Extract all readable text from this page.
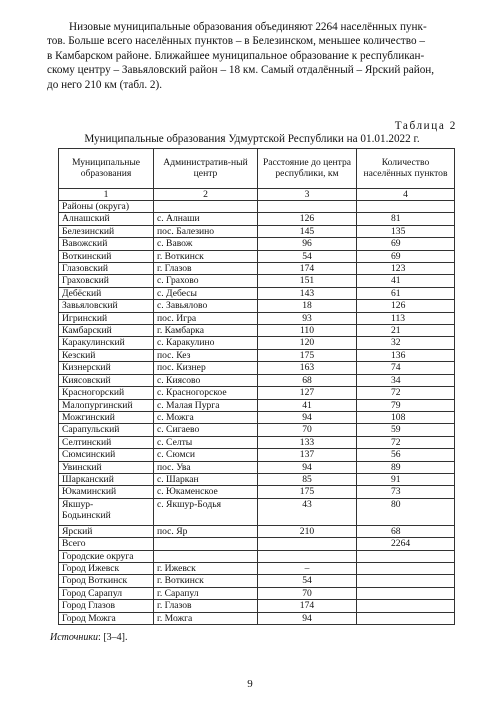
Низовые муниципальные образования объединяют 2264 населённых пунк-
тов. Больше всего населённых пунктов – в Белезинском, меньшее количество –
в Камбарском районе. Ближайшее муниципальное образование к республикан-
скому центру – Завьяловский район – 18 км. Самый отдалённый – Ярский район,
до него 210 км (табл. 2).
Таблица 2
Муниципальные образования Удмуртской Республики на 01.01.2022 г.
Муниципальные образования	Административ-ный центр	Расстояние до центра республики, км	Количество населённых пунктов
1	2	3	4
Районы (округа)			
Алнашский	с. Алнаши	126	81
Белезинский	пос. Балезино	145	135
Вавожский	с. Вавож	96	69
Воткинский	г. Воткинск	54	69
Глазовский	г. Глазов	174	123
Граховский	с. Грахово	151	41
Дебёский	с. Дебесы	143	61
Завьяловский	с. Завьялово	18	126
Игринский	пос. Игра	93	113
Камбарский	г. Камбарка	110	21
Каракулинский	с. Каракулино	120	32
Кезский	пос. Кез	175	136
Кизнерский	пос. Кизнер	163	74
Киясовский	с. Киясово	68	34
Красногорский	с. Красногорское	127	72
Малопургинский	с. Малая Пурга	41	79
Можгинский	с. Можга	94	108
Сарапульский	с. Сигаево	70	59
Селтинский	с. Селты	133	72
Сюмсинский	с. Сюмси	137	56
Увинский	пос. Ува	94	89
Шарканский	с. Шаркан	85	91
Юкаминский	с. Юкаменское	175	73

Якшур-
Бодьинский	с. Якшур-Бодья	43	80
Ярский	пос. Яр	210	68
Всего			2264
Городские округа			
Город Ижевск	г. Ижевск	–	
Город Воткинск	г. Воткинск	54	
Город Сарапул	г. Сарапул	70	
Город Глазов	г. Глазов	174	
Город Можга	г. Можга	94	
Источники: [3–4].
9
